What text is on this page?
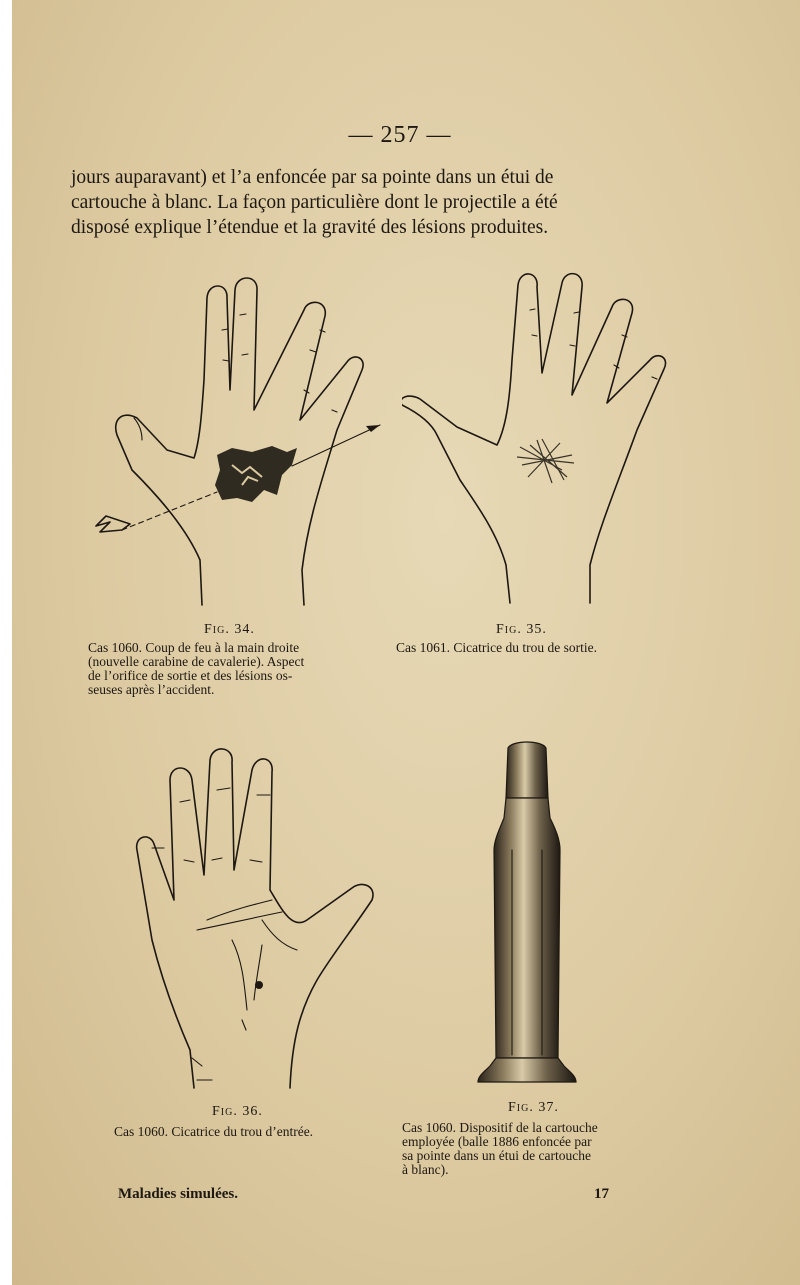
— 257 —
jours auparavant) et l’a enfoncée par sa pointe dans un étui de
cartouche à blanc. La façon particulière dont le projectile a été
disposé explique l’étendue et la gravité des lésions produites.
Fig. 34.
Cas 1060. Coup de feu à la main droite
(nouvelle carabine de cavalerie). Aspect
de l’orifice de sortie et des lésions os-
seuses après l’accident.
Fig. 35.
Cas 1061. Cicatrice du trou de sortie.
Fig. 36.
Cas 1060. Cicatrice du trou d’entrée.
Fig. 37.
Cas 1060. Dispositif de la cartouche
employée (balle 1886 enfoncée par
sa pointe dans un étui de cartouche
à blanc).
Maladies simulées.	17
